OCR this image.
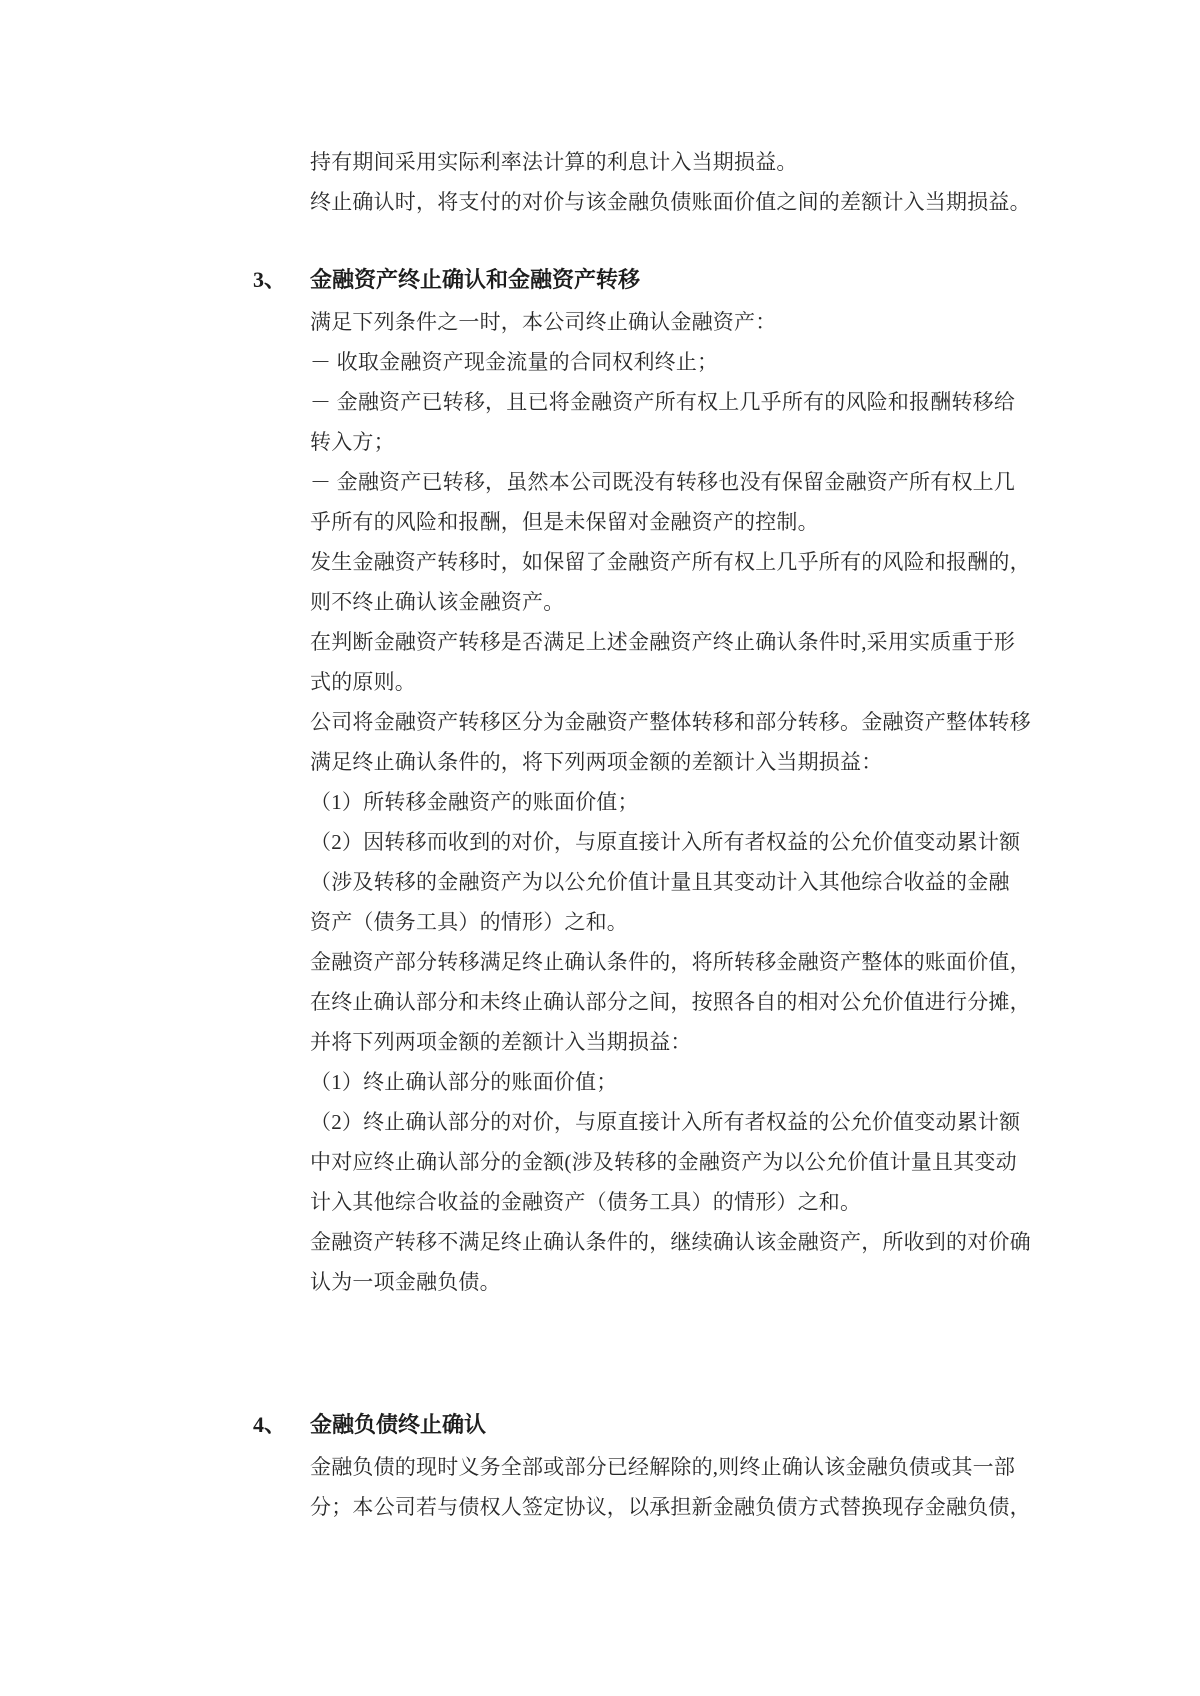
持有期间采用实际利率法计算的利息计入当期损益。
终止确认时，将支付的对价与该金融负债账面价值之间的差额计入当期损益。
3、	金融资产终止确认和金融资产转移
满足下列条件之一时，本公司终止确认金融资产：
－ 收取金融资产现金流量的合同权利终止；
－ 金融资产已转移，且已将金融资产所有权上几乎所有的风险和报酬转移给
转入方；
－ 金融资产已转移，虽然本公司既没有转移也没有保留金融资产所有权上几
乎所有的风险和报酬，但是未保留对金融资产的控制。
发生金融资产转移时，如保留了金融资产所有权上几乎所有的风险和报酬的，
则不终止确认该金融资产。
在判断金融资产转移是否满足上述金融资产终止确认条件时,采用实质重于形
式的原则。
公司将金融资产转移区分为金融资产整体转移和部分转移。金融资产整体转移
满足终止确认条件的，将下列两项金额的差额计入当期损益：
（1）所转移金融资产的账面价值；
（2）因转移而收到的对价，与原直接计入所有者权益的公允价值变动累计额
（涉及转移的金融资产为以公允价值计量且其变动计入其他综合收益的金融
资产（债务工具）的情形）之和。
金融资产部分转移满足终止确认条件的，将所转移金融资产整体的账面价值，
在终止确认部分和未终止确认部分之间，按照各自的相对公允价值进行分摊，
并将下列两项金额的差额计入当期损益：
（1）终止确认部分的账面价值；
（2）终止确认部分的对价，与原直接计入所有者权益的公允价值变动累计额
中对应终止确认部分的金额(涉及转移的金融资产为以公允价值计量且其变动
计入其他综合收益的金融资产（债务工具）的情形）之和。
金融资产转移不满足终止确认条件的，继续确认该金融资产，所收到的对价确
认为一项金融负债。
4、	金融负债终止确认
金融负债的现时义务全部或部分已经解除的,则终止确认该金融负债或其一部
分；本公司若与债权人签定协议，以承担新金融负债方式替换现存金融负债，
